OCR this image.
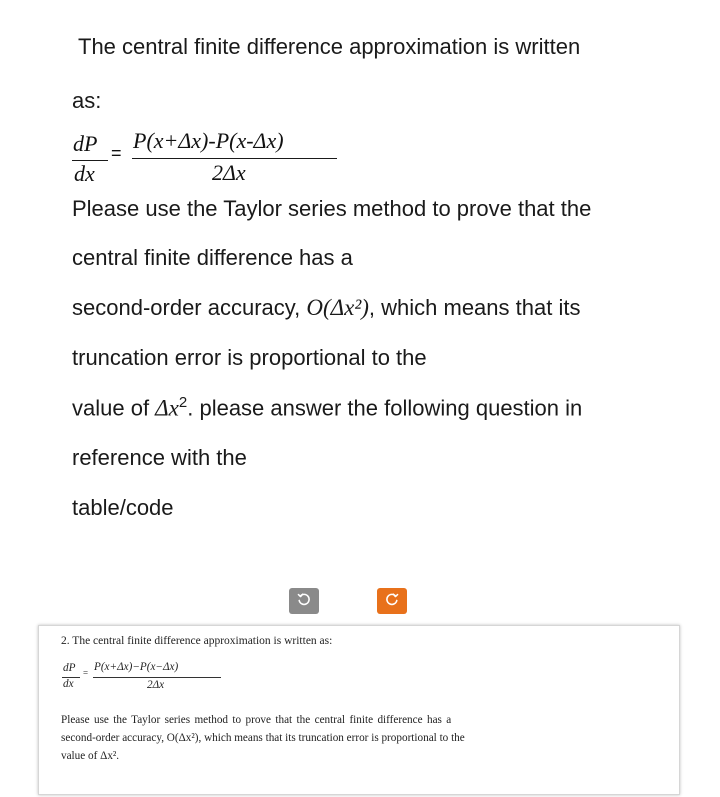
The central finite difference approximation is written
as:
dP
dx
= P(x+Δx)-P(x-Δx)
2Δx
Please use the Taylor series method to prove that the
central finite difference has a
second-order accuracy, O(Δx²), which means that its
truncation error is proportional to the
value of $\Delta x^2$. please answer the following question in
reference with the
table/code
2. The central finite difference approximation is written as:
dP
dx
= P(x+Δx)−P(x−Δx)
2Δx
Please use the Taylor series method to prove that the central finite difference has a
second-order accuracy, O(Δx²), which means that its truncation error is proportional to the
value of Δx².
